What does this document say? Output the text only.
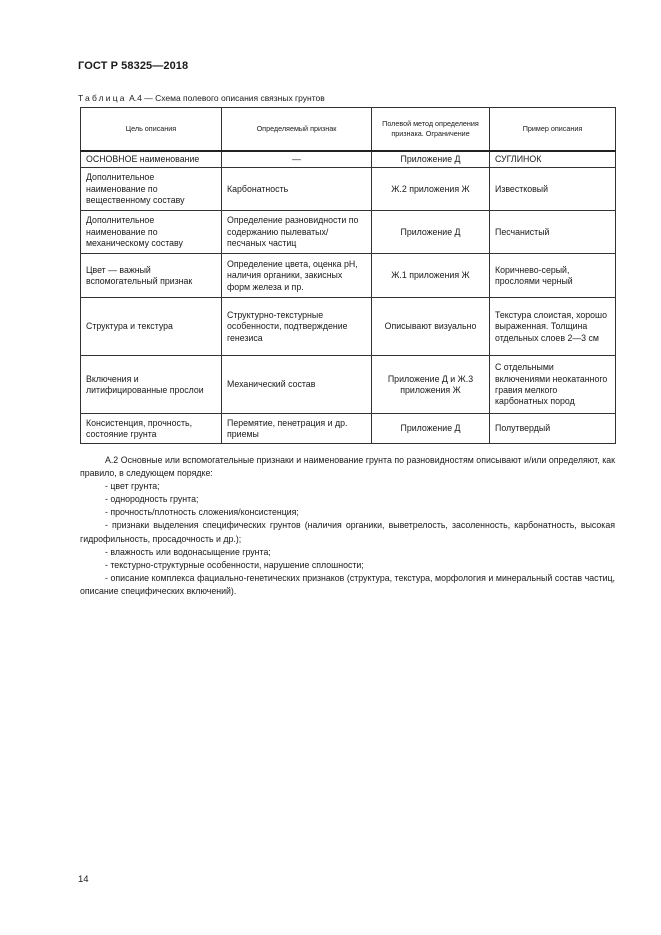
ГОСТ Р 58325—2018
Таблица А.4 — Схема полевого описания связных грунтов
Цель описания	Определяемый признак	Полевой метод определения признака. Ограничение	Пример описания
ОСНОВНОЕ наименование	—	Приложение Д	СУГЛИНОК
Дополнительное наименование по вещественному составу	Карбонатность	Ж.2 приложения Ж	Известковый
Дополнительное наименование по механическому составу	Определение разновидности по содержанию пылеватых/ песчаных частиц	Приложение Д	Песчанистый
Цвет — важный вспомогательный признак	Определение цвета, оценка pH, наличия органики, закисных форм железа и пр.	Ж.1 приложения Ж	Коричнево-серый, прослоями черный
Структура и текстура	Структурно-текстурные особенности, подтверждение генезиса	Описывают визуально	Текстура слоистая, хорошо выраженная. Толщина отдельных слоев 2—3 см
Включения и литифицированные прослои	Механический состав	Приложение Д и Ж.3 приложения Ж	С отдельными включениями неокатанного гравия мелкого карбонатных пород
Консистенция, прочность, состояние грунта	Перемятие, пенетрация и др. приемы	Приложение Д	Полутвердый

А.2 Основные или вспомогательные признаки и наименование грунта по разновидностям описывают и/или определяют, как правило, в следующем порядке:

- цвет грунта;

- однородность грунта;

- прочность/плотность сложения/консистенция;

- признаки выделения специфических грунтов (наличия органики, выветрелость, засоленность, карбонатность, высокая гидрофильность, просадочность и др.);

- влажность или водонасыщение грунта;

- текстурно-структурные особенности, нарушение сплошности;

- описание комплекса фациально-генетических признаков (структура, текстура, морфология и минеральный состав частиц, описание специфических включений).

14
